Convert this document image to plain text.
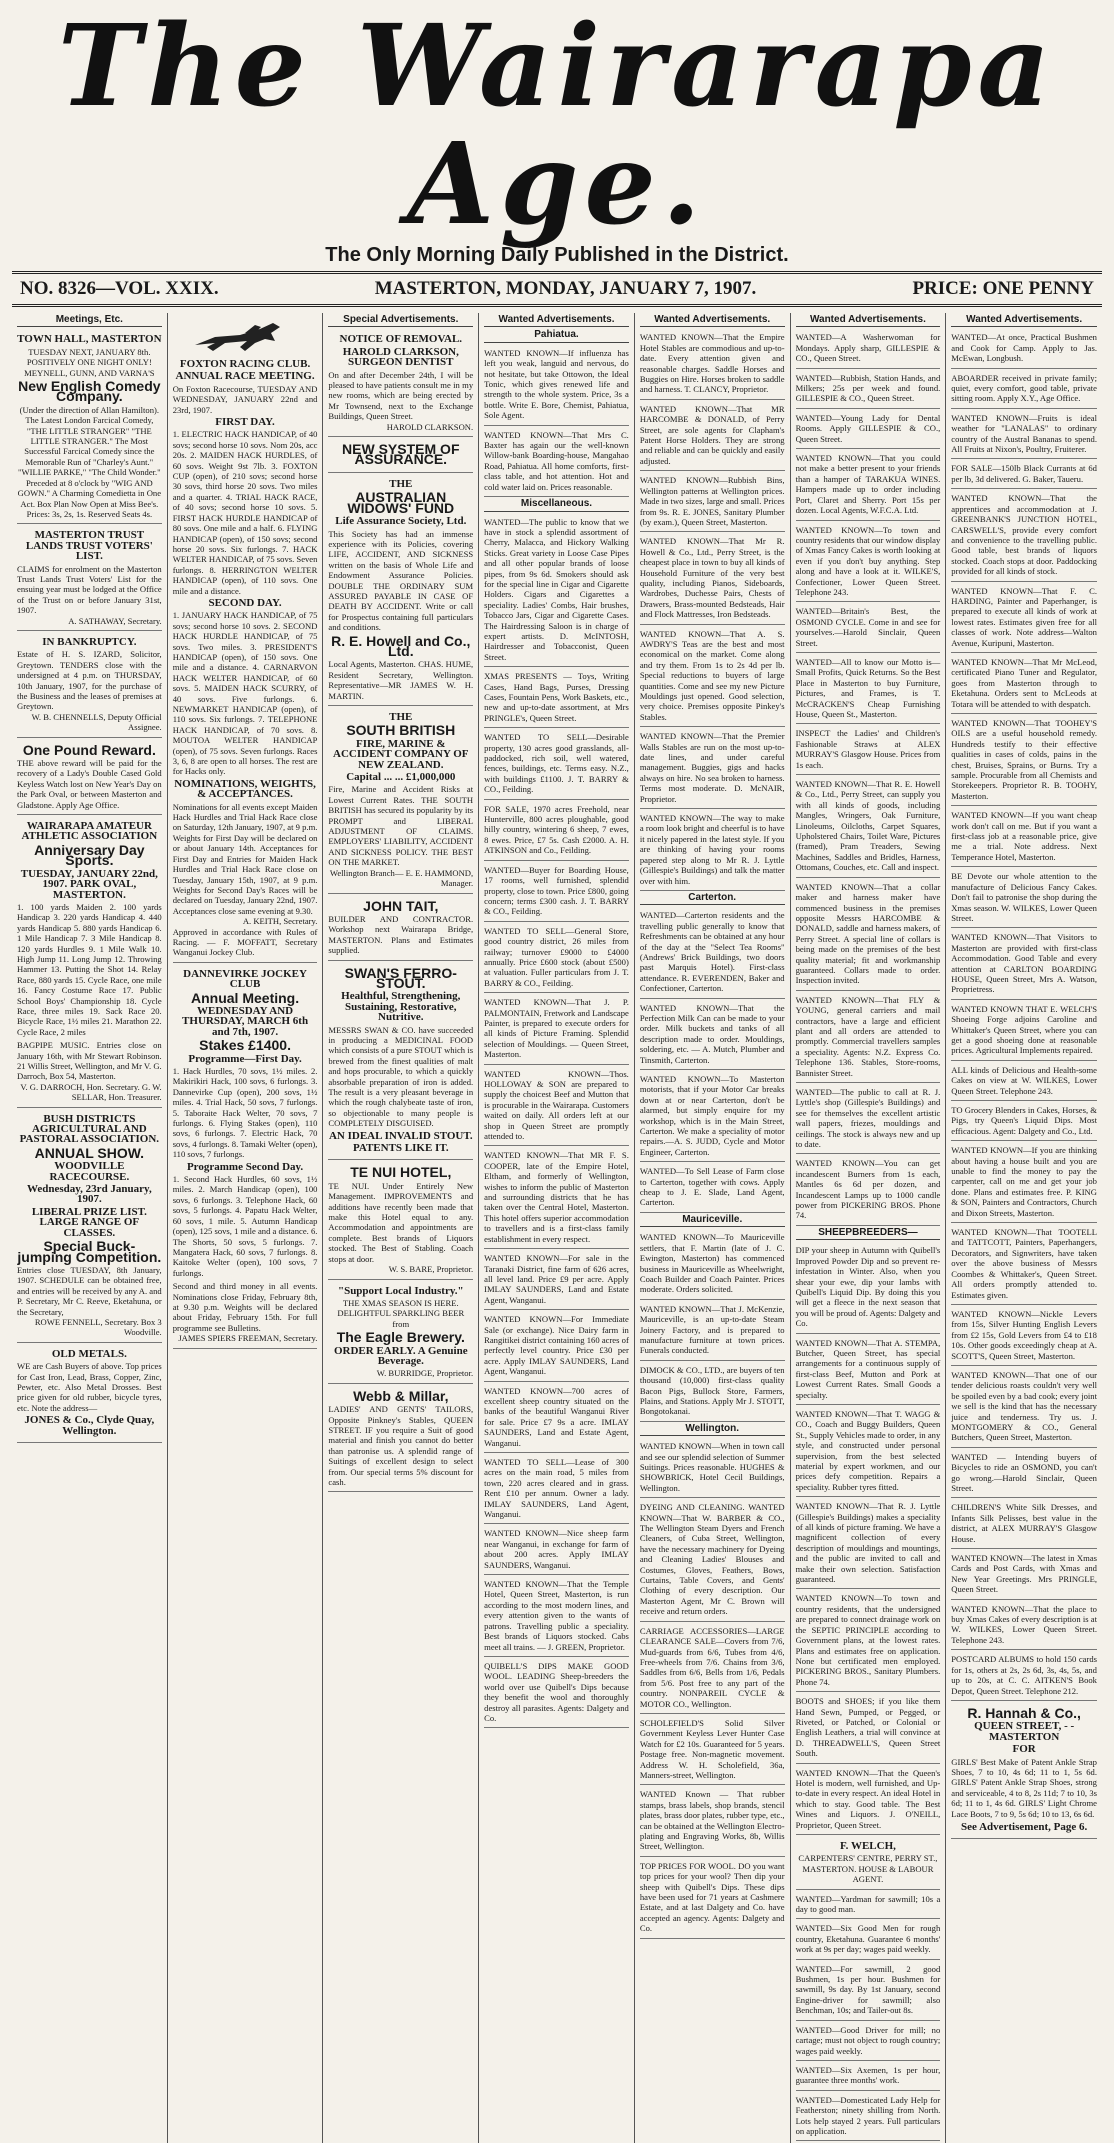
The Wairarapa Age.

The Only Morning Daily Published in the District.

NO. 8326—VOL. XXIX.	MASTERTON, MONDAY, JANUARY 7, 1907.	PRICE: ONE PENNY
Meetings, Etc.
TOWN HALL, MASTERTON
TUESDAY NEXT, JANUARY 8th. POSITIVELY ONE NIGHT ONLY! MEYNELL, GUNN, AND VARNA'S
New English Comedy Company.
(Under the direction of Allan Hamilton). The Latest London Farcical Comedy, "THE LITTLE STRANGER" "THE LITTLE STRANGER." The Most Successful Farcical Comedy since the Memorable Run of "Charley's Aunt." "WILLIE PARKE," "The Child Wonder." Preceded at 8 o'clock by "WIG AND GOWN." A Charming Comedietta in One Act. Box Plan Now Open at Miss Bee's. Prices: 3s, 2s, 1s. Reserved Seats 4s.
MASTERTON TRUST LANDS TRUST VOTERS' LIST.
CLAIMS for enrolment on the Masterton Trust Lands Trust Voters' List for the ensuing year must be lodged at the Office of the Trust on or before January 31st, 1907.
A. SATHAWAY, Secretary.
IN BANKRUPTCY.
Estate of H. S. IZARD, Solicitor, Greytown. TENDERS close with the undersigned at 4 p.m. on THURSDAY, 10th January, 1907, for the purchase of the Business and the leases of premises at Greytown.
W. B. CHENNELLS, Deputy Official Assignee.
One Pound Reward.
THE above reward will be paid for the recovery of a Lady's Double Cased Gold Keyless Watch lost on New Year's Day on the Park Oval, or between Masterton and Gladstone. Apply Age Office.
WAIRARAPA AMATEUR ATHLETIC ASSOCIATION
Anniversary Day Sports.
TUESDAY, JANUARY 22nd, 1907. PARK OVAL, MASTERTON.
1. 100 yards Maiden 2. 100 yards Handicap 3. 220 yards Handicap 4. 440 yards Handicap 5. 880 yards Handicap 6. 1 Mile Handicap 7. 3 Mile Handicap 8. 120 yards Hurdles 9. 1 Mile Walk 10. High Jump 11. Long Jump 12. Throwing Hammer 13. Putting the Shot 14. Relay Race, 880 yards 15. Cycle Race, one mile 16. Fancy Costume Race 17. Public School Boys' Championship 18. Cycle Race, three miles 19. Sack Race 20. Bicycle Race, 1½ miles 21. Marathon 22. Cycle Race, 2 miles
BAGPIPE MUSIC. Entries close on January 16th, with Mr Stewart Robinson. 21 Willis Street, Wellington, and Mr V. G. Darroch, Box 54, Masterton.
V. G. DARROCH, Hon. Secretary. G. W. SELLAR, Hon. Treasurer.
BUSH DISTRICTS AGRICULTURAL AND PASTORAL ASSOCIATION.
ANNUAL SHOW.
WOODVILLE RACECOURSE.
Wednesday, 23rd January, 1907.
LIBERAL PRIZE LIST. LARGE RANGE OF CLASSES.
Special Buck-jumping Competition.
Entries close TUESDAY, 8th January, 1907. SCHEDULE can be obtained free, and entries will be received by any A. and P. Secretary, Mr C. Reeve, Eketahuna, or the Secretary,
ROWE FENNELL, Secretary. Box 3 Woodville.
OLD METALS.
WE are Cash Buyers of above. Top prices for Cast Iron, Lead, Brass, Copper, Zinc, Pewter, etc. Also Metal Drosses. Best price given for old rubber, bicycle tyres, etc. Note the address—
JONES & Co., Clyde Quay, Wellington.
FOXTON RACING CLUB.
ANNUAL RACE MEETING.
On Foxton Racecourse, TUESDAY AND WEDNESDAY, JANUARY 22nd and 23rd, 1907.
FIRST DAY.
1. ELECTRIC HACK HANDICAP, of 40 sovs; second horse 10 sovs. Nom 20s, acc 20s. 2. MAIDEN HACK HURDLES, of 60 sovs. Weight 9st 7lb. 3. FOXTON CUP (open), of 210 sovs; second horse 30 sovs, third horse 20 sovs. Two miles and a quarter. 4. TRIAL HACK RACE, of 40 sovs; second horse 10 sovs. 5. FIRST HACK HURDLE HANDICAP of 80 sovs. One mile and a half. 6. FLYING HANDICAP (open), of 150 sovs; second horse 20 sovs. Six furlongs. 7. HACK WELTER HANDICAP, of 75 sovs. Seven furlongs. 8. HERRINGTON WELTER HANDICAP (open), of 110 sovs. One mile and a distance.
SECOND DAY.
1. JANUARY HACK HANDICAP, of 75 sovs; second horse 10 sovs. 2. SECOND HACK HURDLE HANDICAP, of 75 sovs. Two miles. 3. PRESIDENT'S HANDICAP (open), of 150 sovs. One mile and a distance. 4. CARNARVON HACK WELTER HANDICAP, of 60 sovs. 5. MAIDEN HACK SCURRY, of 40 sovs. Five furlongs. 6. NEWMARKET HANDICAP (open), of 110 sovs. Six furlongs. 7. TELEPHONE HACK HANDICAP, of 70 sovs. 8. MOUTOA WELTER HANDICAP (open), of 75 sovs. Seven furlongs. Races 3, 6, 8 are open to all horses. The rest are for Hacks only.
NOMINATIONS, WEIGHTS, & ACCEPTANCES.
Nominations for all events except Maiden Hack Hurdles and Trial Hack Race close on Saturday, 12th January, 1907, at 9 p.m. Weights for First Day will be declared on or about January 14th. Acceptances for First Day and Entries for Maiden Hack Hurdles and Trial Hack Race close on Tuesday, January 15th, 1907, at 9 p.m. Weights for Second Day's Races will be declared on Tuesday, January 22nd, 1907. Acceptances close same evening at 9.30.
A. KEITH, Secretary.
Approved in accordance with Rules of Racing. — F. MOFFATT, Secretary Wanganui Jockey Club.
DANNEVIRKE JOCKEY CLUB
Annual Meeting.
WEDNESDAY AND THURSDAY, MARCH 6th and 7th, 1907.
Stakes £1400.
Programme—First Day.
1. Hack Hurdles, 70 sovs, 1½ miles. 2. Makirikiri Hack, 100 sovs, 6 furlongs. 3. Dannevirke Cup (open), 200 sovs, 1½ miles. 4. Trial Hack, 50 sovs, 7 furlongs. 5. Taboraite Hack Welter, 70 sovs, 7 furlongs. 6. Flying Stakes (open), 110 sovs, 6 furlongs. 7. Electric Hack, 70 sovs, 4 furlongs. 8. Tamaki Welter (open), 110 sovs, 7 furlongs.
Programme Second Day.
1. Second Hack Hurdles, 60 sovs, 1½ miles. 2. March Handicap (open), 100 sovs, 6 furlongs. 3. Telephone Hack, 60 sovs, 5 furlongs. 4. Papatu Hack Welter, 60 sovs, 1 mile. 5. Autumn Handicap (open), 125 sovs, 1 mile and a distance. 6. The Shorts, 50 sovs, 5 furlongs. 7. Mangatera Hack, 60 sovs, 7 furlongs. 8. Kaitoke Welter (open), 100 sovs, 7 furlongs.
Second and third money in all events. Nominations close Friday, February 8th, at 9.30 p.m. Weights will be declared about Friday, February 15th. For full programme see Bulletins.
JAMES SPIERS FREEMAN, Secretary.
Special Advertisements.
NOTICE OF REMOVAL.
HAROLD CLARKSON, SURGEON DENTIST
On and after December 24th, I will be pleased to have patients consult me in my new rooms, which are being erected by Mr Townsend, next to the Exchange Buildings, Queen Street.
HAROLD CLARKSON.
NEW SYSTEM OF ASSURANCE.
THE
AUSTRALIAN WIDOWS' FUND
Life Assurance Society, Ltd.
This Society has had an immense experience with its Policies, covering LIFE, ACCIDENT, AND SICKNESS written on the basis of Whole Life and Endowment Assurance Policies. DOUBLE THE ORDINARY SUM ASSURED PAYABLE IN CASE OF DEATH BY ACCIDENT. Write or call for Prospectus containing full particulars and conditions.
R. E. Howell and Co., Ltd.
Local Agents, Masterton. CHAS. HUME, Resident Secretary, Wellington. Representative—MR JAMES W. H. MARTIN.
THE
SOUTH BRITISH
FIRE, MARINE & ACCIDENT COMPANY OF NEW ZEALAND.
Capital ... ... £1,000,000
Fire, Marine and Accident Risks at Lowest Current Rates. THE SOUTH BRITISH has secured its popularity by its PROMPT and LIBERAL ADJUSTMENT OF CLAIMS. EMPLOYERS' LIABILITY, ACCIDENT AND SICKNESS POLICY. THE BEST ON THE MARKET.
Wellington Branch— E. E. HAMMOND, Manager.
JOHN TAIT,
BUILDER AND CONTRACTOR. Workshop next Wairarapa Bridge, MASTERTON. Plans and Estimates supplied.
SWAN'S FERRO-STOUT.
Healthful, Strengthening, Sustaining, Restorative, Nutritive.
MESSRS SWAN & CO. have succeeded in producing a MEDICINAL FOOD which consists of a pure STOUT which is brewed from the finest qualities of malt and hops procurable, to which a quickly absorbable preparation of iron is added. The result is a very pleasant beverage in which the rough chalybeate taste of iron, so objectionable to many people is COMPLETELY DISGUISED.
AN IDEAL INVALID STOUT.
PATENTS LIKE IT.
TE NUI HOTEL,
TE NUI. Under Entirely New Management. IMPROVEMENTS and additions have recently been made that make this Hotel equal to any. Accommodation and appointments are complete. Best brands of Liquors stocked. The Best of Stabling. Coach stops at door.
W. S. BARE, Proprietor.
"Support Local Industry."
THE XMAS SEASON IS HERE. DELIGHTFUL SPARKLING BEER from
The Eagle Brewery.
ORDER EARLY. A Genuine Beverage.
W. BURRIDGE, Proprietor.
Webb & Millar,
LADIES' AND GENTS' TAILORS, Opposite Pinkney's Stables, QUEEN STREET. IF you require a Suit of good material and finish you cannot do better than patronise us. A splendid range of Suitings of excellent design to select from. Our special terms 5% discount for cash.
Wanted Advertisements.
Pahiatua.
WANTED KNOWN—If influenza has left you weak, languid and nervous, do not hesitate, but take Ottowon, the Ideal Tonic, which gives renewed life and strength to the whole system. Price, 3s a bottle. Write E. Bore, Chemist, Pahiatua, Sole Agent.
WANTED KNOWN—That Mrs C. Baxter has again our the well-known Willow-bank Boarding-house, Mangahao Road, Pahiatua. All home comforts, first-class table, and hot attention. Hot and cold water laid on. Prices reasonable.
Miscellaneous.
WANTED—The public to know that we have in stock a splendid assortment of Cherry, Malacca, and Hickory Walking Sticks. Great variety in Loose Case Pipes and all other popular brands of loose pipes, from 9s 6d. Smokers should ask for the special line in Cigar and Cigarette Holders. Cigars and Cigarettes a speciality. Ladies' Combs, Hair brushes, Tobacco Jars, Cigar and Cigarette Cases. The Hairdressing Saloon is in charge of expert artists. D. McINTOSH, Hairdresser and Tobacconist, Queen Street.
XMAS PRESENTS — Toys, Writing Cases, Hand Bags, Purses, Dressing Cases, Fountain Pens, Work Baskets, etc., new and up-to-date assortment, at Mrs PRINGLE's, Queen Street.
WANTED TO SELL—Desirable property, 130 acres good grasslands, all-paddocked, rich soil, well watered, fences, buildings, etc. Terms easy. N.Z., with buildings £1100. J. T. BARRY & CO., Feilding.
FOR SALE, 1970 acres Freehold, near Hunterville, 800 acres ploughable, good hilly country, wintering 6 sheep, 7 ewes, 8 ewes. Price, £7 5s. Cash £2000. A. H. ATKINSON and Co., Feilding.
WANTED—Buyer for Boarding House, 17 rooms, well furnished, splendid property, close to town. Price £800, going concern; terms £300 cash. J. T. BARRY & CO., Feilding.
WANTED TO SELL—General Store, good country district, 26 miles from railway; turnover £9000 to £4000 annually. Price £600 stock (about £500) at valuation. Fuller particulars from J. T. BARRY & CO., Feilding.
WANTED KNOWN—That J. P. PALMONTAIN, Fretwork and Landscape Painter, is prepared to execute orders for all kinds of Picture Framing. Splendid selection of Mouldings. — Queen Street, Masterton.
WANTED KNOWN—Thos. HOLLOWAY & SON are prepared to supply the choicest Beef and Mutton that is procurable in the Wairarapa. Customers waited on daily. All orders left at our shop in Queen Street are promptly attended to.
WANTED KNOWN—That MR F. S. COOPER, late of the Empire Hotel, Eltham, and formerly of Wellington, wishes to inform the public of Masterton and surrounding districts that he has taken over the Central Hotel, Masterton. This hotel offers superior accommodation to travellers and is a first-class family establishment in every respect.
WANTED KNOWN—For sale in the Taranaki District, fine farm of 626 acres, all level land. Price £9 per acre. Apply IMLAY SAUNDERS, Land and Estate Agent, Wanganui.
WANTED KNOWN—For Immediate Sale (or exchange). Nice Dairy farm in Rangitikei district containing 160 acres of perfectly level country. Price £30 per acre. Apply IMLAY SAUNDERS, Land Agent, Wanganui.
WANTED KNOWN—700 acres of excellent sheep country situated on the banks of the beautiful Wanganui River for sale. Price £7 9s a acre. IMLAY SAUNDERS, Land and Estate Agent, Wanganui.
WANTED TO SELL—Lease of 300 acres on the main road, 5 miles from town, 220 acres cleared and in grass. Rent £10 per annum. Owner a lady. IMLAY SAUNDERS, Land Agent, Wanganui.
WANTED KNOWN—Nice sheep farm near Wanganui, in exchange for farm of about 200 acres. Apply IMLAY SAUNDERS, Wanganui.
WANTED KNOWN—That the Temple Hotel, Queen Street, Masterton, is run according to the most modern lines, and every attention given to the wants of patrons. Travelling public a speciality. Best brands of Liquors stocked. Cabs meet all trains. — J. GREEN, Proprietor.
QUIBELL'S DIPS MAKE GOOD WOOL. LEADING Sheep-breeders the world over use Quibell's Dips because they benefit the wool and thoroughly destroy all parasites. Agents: Dalgety and Co.
Wanted Advertisements.
WANTED KNOWN—That the Empire Hotel Stables are commodious and up-to-date. Every attention given and reasonable charges. Saddle Horses and Buggies on Hire. Horses broken to saddle and harness. T. CLANCY, Proprietor.
WANTED KNOWN—That MR HARCOMBE & DONALD, of Perry Street, are sole agents for Clapham's Patent Horse Holders. They are strong and reliable and can be quickly and easily adjusted.
WANTED KNOWN—Rubbish Bins, Wellington patterns at Wellington prices. Made in two sizes, large and small. Prices from 9s. R. E. JONES, Sanitary Plumber (by exam.), Queen Street, Masterton.
WANTED KNOWN—That Mr R. Howell & Co., Ltd., Perry Street, is the cheapest place in town to buy all kinds of Household Furniture of the very best quality, including Pianos, Sideboards, Wardrobes, Duchesse Pairs, Chests of Drawers, Brass-mounted Bedsteads, Hair and Flock Mattresses, Iron Bedsteads.
WANTED KNOWN—That A. S. AWDRY'S Teas are the best and most economical on the market. Come along and try them. From 1s to 2s 4d per lb. Special reductions to buyers of large quantities. Come and see my new Picture Mouldings just opened. Good selection, very choice. Premises opposite Pinkey's Stables.
WANTED KNOWN—That the Premier Walls Stables are run on the most up-to-date lines, and under careful management. Buggies, gigs and hacks always on hire. No sea broken to harness. Terms most moderate. D. McNAIR, Proprietor.
WANTED KNOWN—The way to make a room look bright and cheerful is to have it nicely papered in the latest style. If you are thinking of having your rooms papered step along to Mr R. J. Lyttle (Gillespie's Buildings) and talk the matter over with him.
Carterton.
WANTED—Carterton residents and the travelling public generally to know that Refreshments can be obtained at any hour of the day at the "Select Tea Rooms" (Andrews' Brick Buildings, two doors past Marquis Hotel). First-class attendance. R. EVERENDEN, Baker and Confectioner, Carterton.
WANTED KNOWN—That the Perfection Milk Can can be made to your order. Milk buckets and tanks of all description made to order. Mouldings, soldering, etc. — A. Mutch, Plumber and Tinsmith, Carterton.
WANTED KNOWN—To Masterton motorists, that if your Motor Car breaks down at or near Carterton, don't be alarmed, but simply enquire for my workshop, which is in the Main Street, Carterton. We make a speciality of motor repairs.—A. S. JUDD, Cycle and Motor Engineer, Carterton.
WANTED—To Sell Lease of Farm close to Carterton, together with cows. Apply cheap to J. E. Slade, Land Agent, Carterton.
Mauriceville.
WANTED KNOWN—To Mauriceville settlers, that F. Martin (late of J. C. Ewington, Masterton) has commenced business in Mauriceville as Wheelwright, Coach Builder and Coach Painter. Prices moderate. Orders solicited.
WANTED KNOWN—That J. McKenzie, Mauriceville, is an up-to-date Steam Joinery Factory, and is prepared to manufacture furniture at town prices. Funerals conducted.
DIMOCK & CO., LTD., are buyers of ten thousand (10,000) first-class quality Bacon Pigs, Bullock Store, Farmers, Plains, and Stations. Apply Mr J. STOTT, Bongotokanai.
Wellington.
WANTED KNOWN—When in town call and see our splendid selection of Summer Suitings. Prices reasonable. HUGHES & SHOWBRICK, Hotel Cecil Buildings, Wellington.
DYEING AND CLEANING. WANTED KNOWN—That W. BARBER & CO., The Wellington Steam Dyers and French Cleaners, of Cuba Street, Wellington, have the necessary machinery for Dyeing and Cleaning Ladies' Blouses and Costumes, Gloves, Feathers, Bows, Curtains, Table Covers, and Gents' Clothing of every description. Our Masterton Agent, Mr C. Brown will receive and return orders.
CARRIAGE ACCESSORIES—LARGE CLEARANCE SALE—Covers from 7/6, Mud-guards from 6/6, Tubes from 4/6, Free-wheels from 7/6. Chains from 3/6, Saddles from 6/6, Bells from 1/6, Pedals from 5/6. Post free to any part of the country. NONPAREIL CYCLE & MOTOR CO., Wellington.
SCHOLEFIELD'S Solid Silver Government Keyless Lever Hunter Case Watch for £2 10s. Guaranteed for 5 years. Postage free. Non-magnetic movement. Address W. H. Scholefield, 36a, Manners-street, Wellington.
WANTED Known — That rubber stamps, brass labels, shop brands, stencil plates, brass door plates, rubber type, etc., can be obtained at the Wellington Electro-plating and Engraving Works, 8b, Willis Street, Wellington.
TOP PRICES FOR WOOL. DO you want top prices for your wool? Then dip your sheep with Quibell's Dips. These dips have been used for 71 years at Cashmere Estate, and at last Dalgety and Co. have accepted an agency. Agents: Dalgety and Co.
Wanted Advertisements.
WANTED—A Washerwoman for Mondays. Apply sharp, GILLESPIE & CO., Queen Street.
WANTED—Rubbish, Station Hands, and Milkers; 25s per week and found. GILLESPIE & CO., Queen Street.
WANTED—Young Lady for Dental Rooms. Apply GILLESPIE & CO., Queen Street.
WANTED KNOWN—That you could not make a better present to your friends than a hamper of TARAKUA WINES. Hampers made up to order including Port, Claret and Sherry. Port 15s per dozen. Local Agents, W.F.C.A. Ltd.
WANTED KNOWN—To town and country residents that our window display of Xmas Fancy Cakes is worth looking at even if you don't buy anything. Step along and have a look at it. WILKE'S, Confectioner, Lower Queen Street. Telephone 243.
WANTED—Britain's Best, the OSMOND CYCLE. Come in and see for yourselves.—Harold Sinclair, Queen Street.
WANTED—All to know our Motto is—Small Profits, Quick Returns. So the Best Place in Masterton to buy Furniture, Pictures, and Frames, is T. McCRACKEN'S Cheap Furnishing House, Queen St., Masterton.
INSPECT the Ladies' and Children's Fashionable Straws at ALEX MURRAY'S Glasgow House. Prices from 1s each.
WANTED KNOWN—That R. E. Howell & Co., Ltd., Perry Street, can supply you with all kinds of goods, including Mangles, Wringers, Oak Furniture, Linoleums, Oilcloths, Carpet Squares, Upholstered Chairs, Toilet Ware, Pictures (framed), Pram Treaders, Sewing Machines, Saddles and Bridles, Harness, Ottomans, Couches, etc. Call and inspect.
WANTED KNOWN—That a collar maker and harness maker have commenced business in the premises opposite Messrs HARCOMBE & DONALD, saddle and harness makers, of Perry Street. A special line of collars is being made on the premises of the best quality material; fit and workmanship guaranteed. Collars made to order. Inspection invited.
WANTED KNOWN—That FLY & YOUNG, general carriers and mail contractors, have a large and efficient plant and all orders are attended to promptly. Commercial travellers samples a speciality. Agents: N.Z. Express Co. Telephone 136. Stables, Store-rooms, Bannister Street.
WANTED—The public to call at R. J. Lyttle's shop (Gillespie's Buildings) and see for themselves the excellent artistic wall papers, friezes, mouldings and ceilings. The stock is always new and up to date.
WANTED KNOWN—You can get incandescent Burners from 1s each, Mantles 6s 6d per dozen, and Incandescent Lamps up to 1000 candle power from PICKERING BROS. Phone 74.
SHEEPBREEDERS—
DIP your sheep in Autumn with Quibell's Improved Powder Dip and so prevent re-infestation in Winter. Also, when you shear your ewe, dip your lambs with Quibell's Liquid Dip. By doing this you will get a fleece in the next season that you will be proud of. Agents: Dalgety and Co.
WANTED KNOWN—That A. STEMPA, Butcher, Queen Street, has special arrangements for a continuous supply of first-class Beef, Mutton and Pork at Lowest Current Rates. Small Goods a specialty.
WANTED KNOWN—That T. WAGG & CO., Coach and Buggy Builders, Queen St., Supply Vehicles made to order, in any style, and constructed under personal supervision, from the best selected material by expert workmen, and our prices defy competition. Repairs a speciality. Rubber tyres fitted.
WANTED KNOWN—That R. J. Lyttle (Gillespie's Buildings) makes a speciality of all kinds of picture framing. We have a magnificent collection of every description of mouldings and mountings, and the public are invited to call and make their own selection. Satisfaction guaranteed.
WANTED KNOWN—To town and country residents, that the undersigned are prepared to connect drainage work on the SEPTIC PRINCIPLE according to Government plans, at the lowest rates. Plans and estimates free on application. None but certificated men employed. PICKERING BROS., Sanitary Plumbers. Phone 74.
BOOTS and SHOES; if you like them Hand Sewn, Pumped, or Pegged, or Riveted, or Patched, or Colonial or English Leathers, a trial will convince at D. THREADWELL'S, Queen Street South.
WANTED KNOWN—That the Queen's Hotel is modern, well furnished, and Up-to-date in every respect. An ideal Hotel in which to stay. Good table. The Best Wines and Liquors. J. O'NEILL, Proprietor, Queen Street.
F. WELCH,
CARPENTERS' CENTRE, PERRY ST., MASTERTON. HOUSE & LABOUR AGENT.
WANTED—Yardman for sawmill; 10s a day to good man.
WANTED—Six Good Men for rough country, Eketahuna. Guarantee 6 months' work at 9s per day; wages paid weekly.
WANTED—For sawmill, 2 good Bushmen, 1s per hour. Bushmen for sawmill, 9s day. By 1st January, second Engine-driver for sawmill; also Benchman, 10s; and Tailer-out 8s.
WANTED—Good Driver for mill; no cartage; must not object to rough country; wages paid weekly.
WANTED—Six Axemen, 1s per hour, guarantee three months' work.
WANTED—Domesticated Lady Help for Featherston; ninety shilling from North. Lots help stayed 2 years. Full particulars on application.
Wanted Advertisements.
WANTED—At once, Practical Bushmen and Cook for Camp. Apply to Jas. McEwan, Longbush.
ABOARDER received in private family; quiet, every comfort, good table, private sitting room. Apply X.Y., Age Office.
WANTED KNOWN—Fruits is ideal weather for "LANALAS" to ordinary country of the Austral Bananas to spend. All Fruits at Nixon's, Poultry, Fruiterer.
FOR SALE—150lb Black Currants at 6d per lb, 3d delivered. G. Baker, Taueru.
WANTED KNOWN—That the apprentices and accommodation at J. GREENBANK'S JUNCTION HOTEL, CARSWELL'S, provide every comfort and convenience to the travelling public. Good table, best brands of liquors stocked. Coach stops at door. Paddocking provided for all kinds of stock.
WANTED KNOWN—That F. C. HARDING, Painter and Paperhanger, is prepared to execute all kinds of work at lowest rates. Estimates given free for all classes of work. Note address—Walton Avenue, Kuripuni, Masterton.
WANTED KNOWN—That Mr McLeod, certificated Piano Tuner and Regulator, goes from Masterton through to Eketahuna. Orders sent to McLeods at Totara will be attended to with despatch.
WANTED KNOWN—That TOOHEY'S OILS are a useful household remedy. Hundreds testify to their effective qualities in cases of colds, pains in the chest, Bruises, Sprains, or Burns. Try a sample. Procurable from all Chemists and Storekeepers. Proprietor R. B. TOOHY, Masterton.
WANTED KNOWN—If you want cheap work don't call on me. But if you want a first-class job at a reasonable price, give me a trial. Note address. Next Temperance Hotel, Masterton.
BE Devote our whole attention to the manufacture of Delicious Fancy Cakes. Don't fail to patronise the shop during the Xmas season. W. WILKES, Lower Queen Street.
WANTED KNOWN—That Visitors to Masterton are provided with first-class Accommodation. Good Table and every attention at CARLTON BOARDING HOUSE, Queen Street, Mrs A. Watson, Proprietress.
WANTED KNOWN THAT E. WELCH'S Shoeing Forge adjoins Caroline and Whittaker's Queen Street, where you can get a good shoeing done at reasonable prices. Agricultural Implements repaired.
ALL kinds of Delicious and Health-some Cakes on view at W. WILKES, Lower Queen Street. Telephone 243.
TO Grocery Blenders in Cakes, Horses, & Pigs, try Queen's Liquid Dips. Most efficacious. Agent: Dalgety and Co., Ltd.
WANTED KNOWN—If you are thinking about having a house built and you are unable to find the money to pay the carpenter, call on me and get your job done. Plans and estimates free. P. KING & SON, Painters and Contractors, Church and Dixon Streets, Masterton.
WANTED KNOWN—That TOOTELL and TATTCOTT, Painters, Paperhangers, Decorators, and Signwriters, have taken over the above business of Messrs Coombes & Whittaker's, Queen Street. All orders promptly attended to. Estimates given.
WANTED KNOWN—Nickle Levers from 15s, Silver Hunting English Levers from £2 15s, Gold Levers from £4 to £18 10s. Other goods exceedingly cheap at A. SCOTT'S, Queen Street, Masterton.
WANTED KNOWN—That one of our tender delicious roasts couldn't very well be spoiled even by a bad cook; every joint we sell is the kind that has the necessary juice and tenderness. Try us. J. MONTGOMERY & CO., General Butchers, Queen Street, Masterton.
WANTED — Intending buyers of Bicycles to ride an OSMOND, you can't go wrong.—Harold Sinclair, Queen Street.
CHILDREN'S White Silk Dresses, and Infants Silk Pelisses, best value in the district, at ALEX MURRAY'S Glasgow House.
WANTED KNOWN—The latest in Xmas Cards and Post Cards, with Xmas and New Year Greetings. Mrs PRINGLE, Queen Street.
WANTED KNOWN—That the place to buy Xmas Cakes of every description is at W. WILKES, Lower Queen Street. Telephone 243.
POSTCARD ALBUMS to hold 150 cards for 1s, others at 2s, 2s 6d, 3s, 4s, 5s, and up to 20s, at C. C. AITKEN'S Book Depot, Queen Street. Telephone 212.
R. Hannah & Co.,
QUEEN STREET, - - MASTERTON
FOR
GIRLS' Best Make of Patent Ankle Strap Shoes, 7 to 10, 4s 6d; 11 to 1, 5s 6d. GIRLS' Patent Ankle Strap Shoes, strong and serviceable, 4 to 8, 2s 11d; 7 to 10, 3s 6d; 11 to 1, 4s 6d. GIRLS' Light Chrome Lace Boots, 7 to 9, 5s 6d; 10 to 13, 6s 6d.
See Advertisement, Page 6.
